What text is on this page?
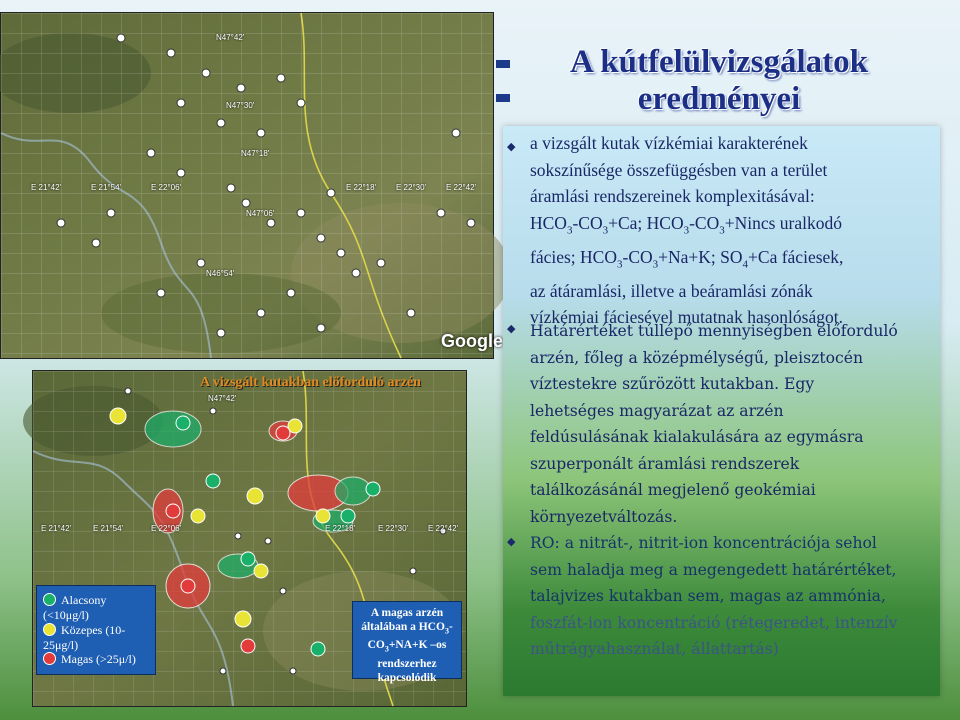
N47°42'
N47°30'
N47°18'
N47°06'
N46°54'
E 21°42'	E 21°54'	E 22°06'	E 22°18' E 22°30' E 22°42'
Google
N47°42'
E 21°42'	E 21°54'	E 22°06'	E 22°18'	E 22°30' E 22°42'
A vizsgált kutakban előforduló arzén
Alacsony (<10μg/l)
Közepes (10-25μg/l)
Magas (>25μ/l)
A magas arzén
általában a $HCO_3-$
$CO_3+NA+K$ –os
rendszerhez
kapcsolódik
A kútfelülvizsgálatok eredményei
◆ a vizsgált kutak vízkémiai karakterének
sokszínűsége összefüggésben van a terület
áramlási rendszereinek komplexitásával:
$HCO_3-CO_3+Ca$; $HCO_3-CO_3+Nincs$ uralkodó
fácies; $HCO_3-CO_3+Na+K$; $SO_4+Ca$ fáciesek,
az átáramlási, illetve a beáramlási zónák
vízkémiai fáciesével mutatnak hasonlóságot.
◆ Határértéket túllépő mennyiségben előforduló
arzén, főleg a középmélységű, pleisztocén
víztestekre szűrözött kutakban. Egy
lehetséges magyarázat az arzén
feldúsulásának kialakulására az egymásra
szuperponált áramlási rendszerek
találkozásánál megjelenő geokémiai
környezetváltozás.
◆ RO: a nitrát-, nitrit-ion koncentrációja sehol
sem haladja meg a megengedett határértéket,
talajvizes kutakban sem, magas az ammónia,
foszfát-ion koncentráció (rétegeredet, intenzív
műtrágyahasználat, állattartás)
